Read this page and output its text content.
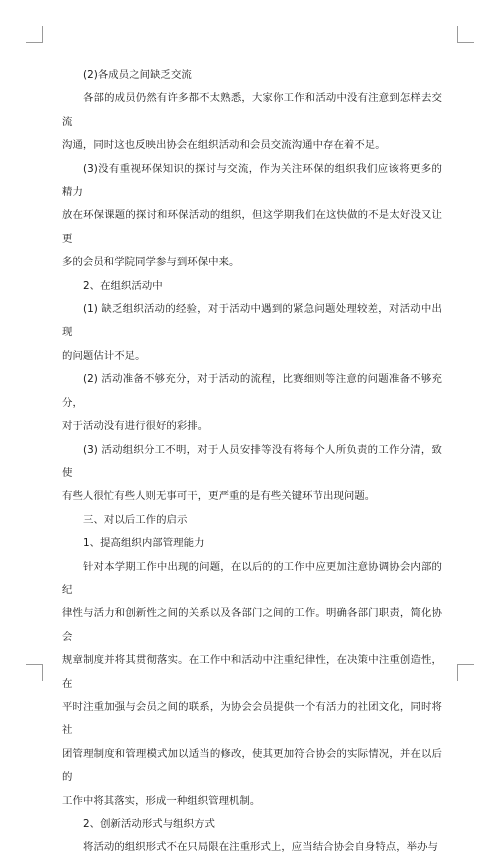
(2)各成员之间缺乏交流

各部的成员仍然有许多都不太熟悉，大家你工作和活动中没有注意到怎样去交流
沟通，同时这也反映出协会在组织活动和会员交流沟通中存在着不足。

(3)没有重视环保知识的探讨与交流，作为关注环保的组织我们应该将更多的精力
放在环保课题的探讨和环保活动的组织，但这学期我们在这快做的不是太好没又让更
多的会员和学院同学参与到环保中来。

2、在组织活动中

(1) 缺乏组织活动的经验，对于活动中遇到的紧急问题处理较差，对活动中出现
的问题估计不足。

(2) 活动准备不够充分，对于活动的流程，比赛细则等注意的问题准备不够充分，
对于活动没有进行很好的彩排。

(3) 活动组织分工不明，对于人员安排等没有将每个人所负责的工作分清，致使
有些人很忙有些人则无事可干，更严重的是有些关键环节出现问题。

三、对以后工作的启示

1、提高组织内部管理能力

针对本学期工作中出现的问题，在以后的的工作中应更加注意协调协会内部的纪
律性与活力和创新性之间的关系以及各部门之间的工作。明确各部门职责，简化协会
规章制度并将其贯彻落实。在工作中和活动中注重纪律性，在决策中注重创造性，在
平时注重加强与会员之间的联系，为协会会员提供一个有活力的社团文化，同时将社
团管理制度和管理模式加以适当的修改，使其更加符合协会的实际情况，并在以后的
工作中将其落实，形成一种组织管理机制。

2、创新活动形式与组织方式

将活动的组织形式不在只局限在注重形式上，应当结合协会自身特点，举办与
